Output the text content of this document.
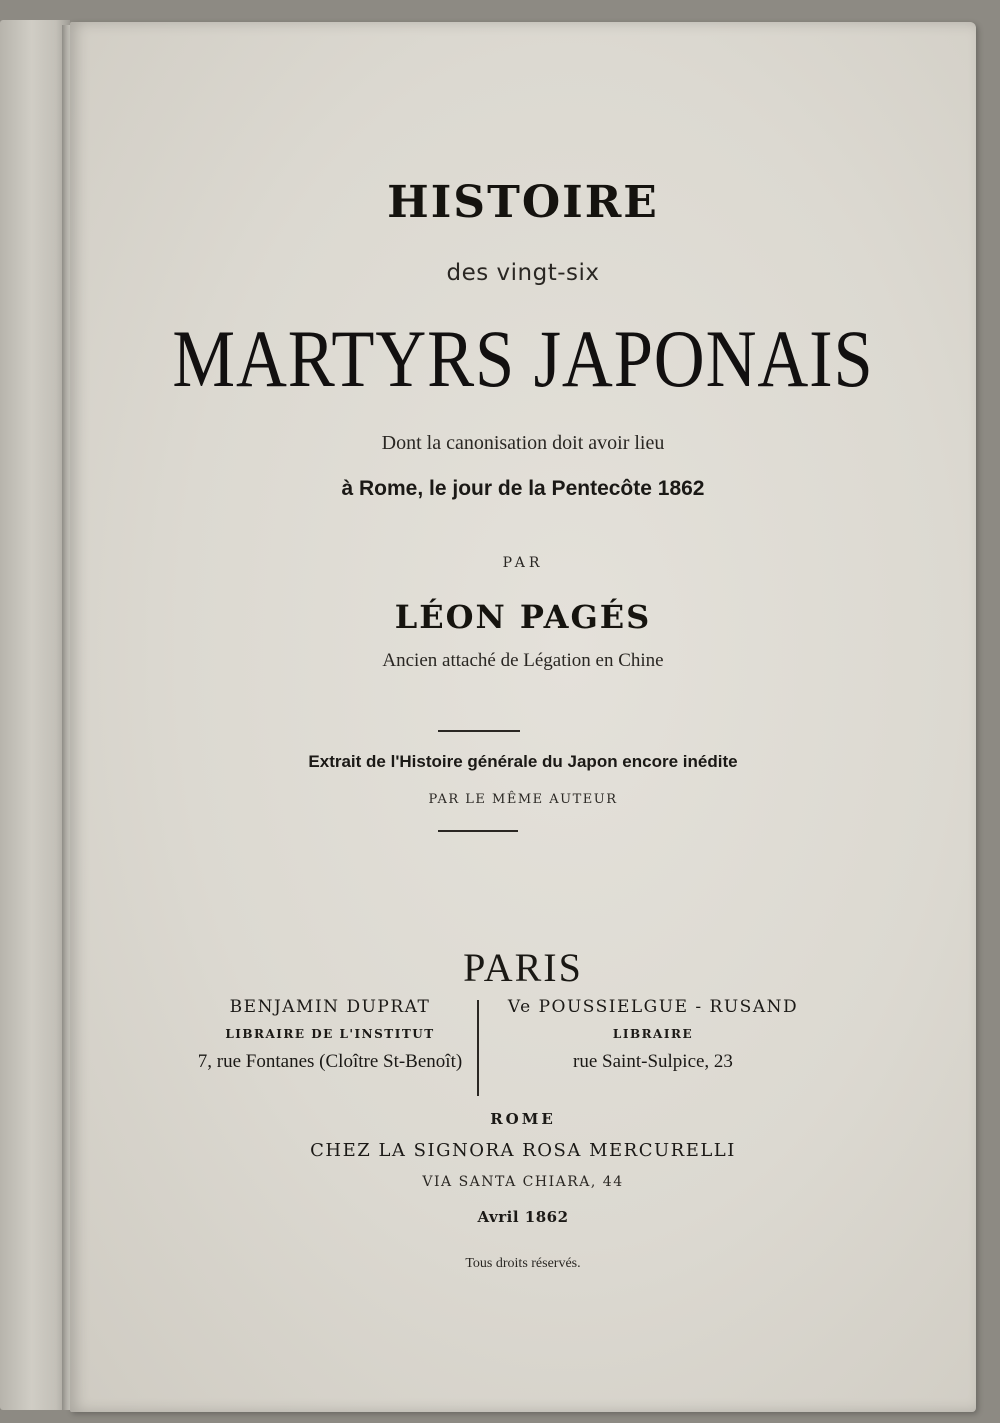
HISTOIRE
des vingt-six
MARTYRS JAPONAIS
Dont la canonisation doit avoir lieu
à Rome, le jour de la Pentecôte 1862
PAR
LÉON PAGÉS
Ancien attaché de Légation en Chine
Extrait de l'Histoire générale du Japon encore inédite
PAR LE MÊME AUTEUR
PARIS
BENJAMIN DUPRAT
LIBRAIRE DE L'INSTITUT
7, rue Fontanes (Cloître St-Benoît)
Ve POUSSIELGUE - RUSAND
LIBRAIRE
rue Saint-Sulpice, 23
ROME
CHEZ LA SIGNORA ROSA MERCURELLI
VIA SANTA CHIARA, 44
Avril 1862
Tous droits réservés.
